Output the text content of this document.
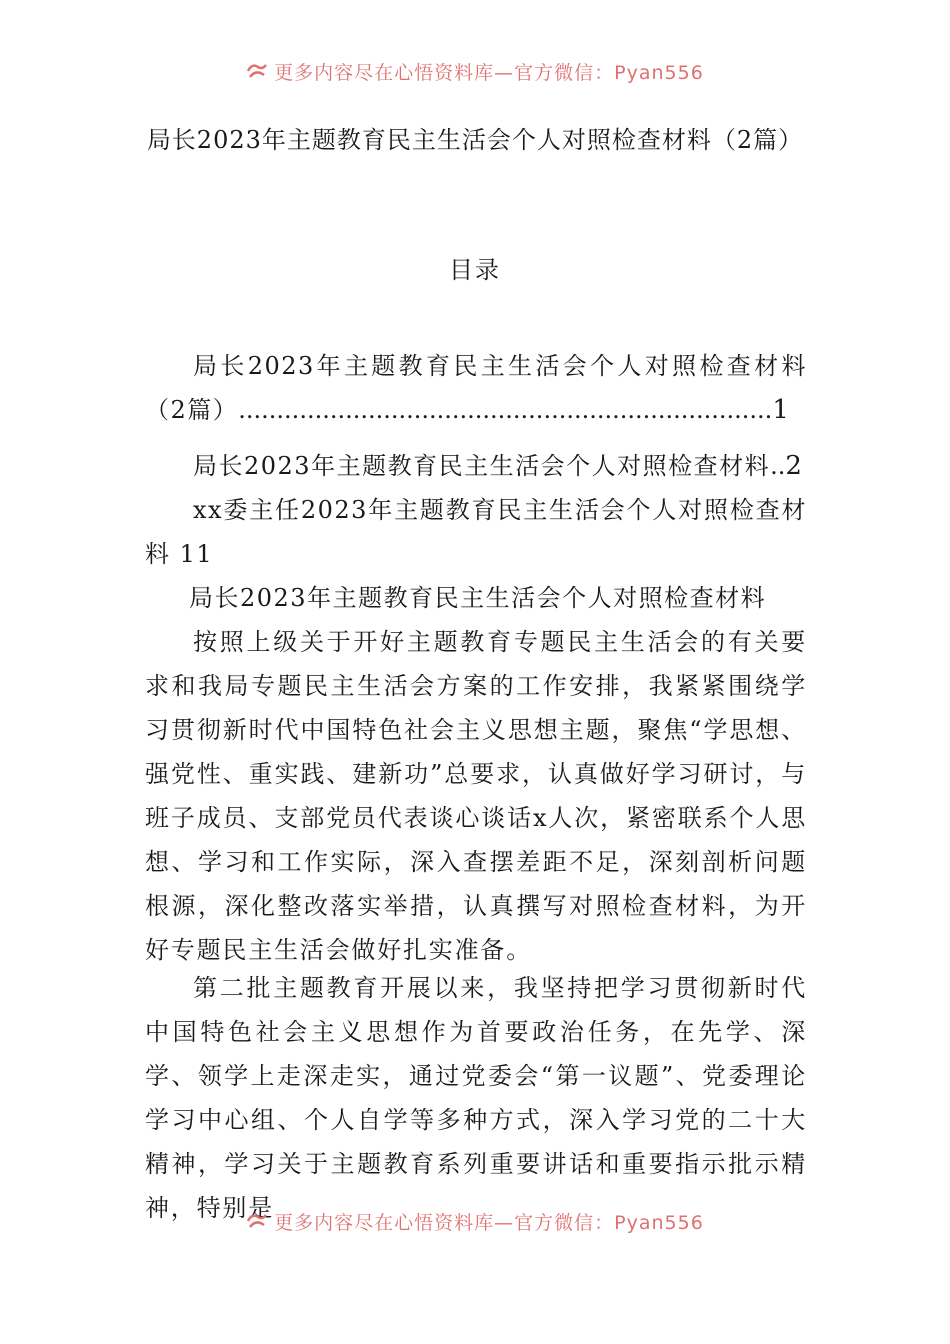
更多内容尽在心悟资料库—官方微信：Pyan556
局长2023年主题教育民主生活会个人对照检查材料（2篇）
目录
局长2023年主题教育民主生活会个人对照检查材料（2篇）......................................................................1
局长2023年主题教育民主生活会个人对照检查材料..2
xx委主任2023年主题教育民主生活会个人对照检查材料 11
局长2023年主题教育民主生活会个人对照检查材料
按照上级关于开好主题教育专题民主生活会的有关要求和我局专题民主生活会方案的工作安排，我紧紧围绕学习贯彻新时代中国特色社会主义思想主题，聚焦“学思想、强党性、重实践、建新功”总要求，认真做好学习研讨，与班子成员、支部党员代表谈心谈话x人次，紧密联系个人思想、学习和工作实际，深入查摆差距不足，深刻剖析问题根源，深化整改落实举措，认真撰写对照检查材料，为开好专题民主生活会做好扎实准备。
第二批主题教育开展以来，我坚持把学习贯彻新时代中国特色社会主义思想作为首要政治任务，在先学、深学、领学上走深走实，通过党委会“第一议题”、党委理论学习中心组、个人自学等多种方式，深入学习党的二十大精神，学习关于主题教育系列重要讲话和重要指示批示精神，特别是
更多内容尽在心悟资料库—官方微信：Pyan556
